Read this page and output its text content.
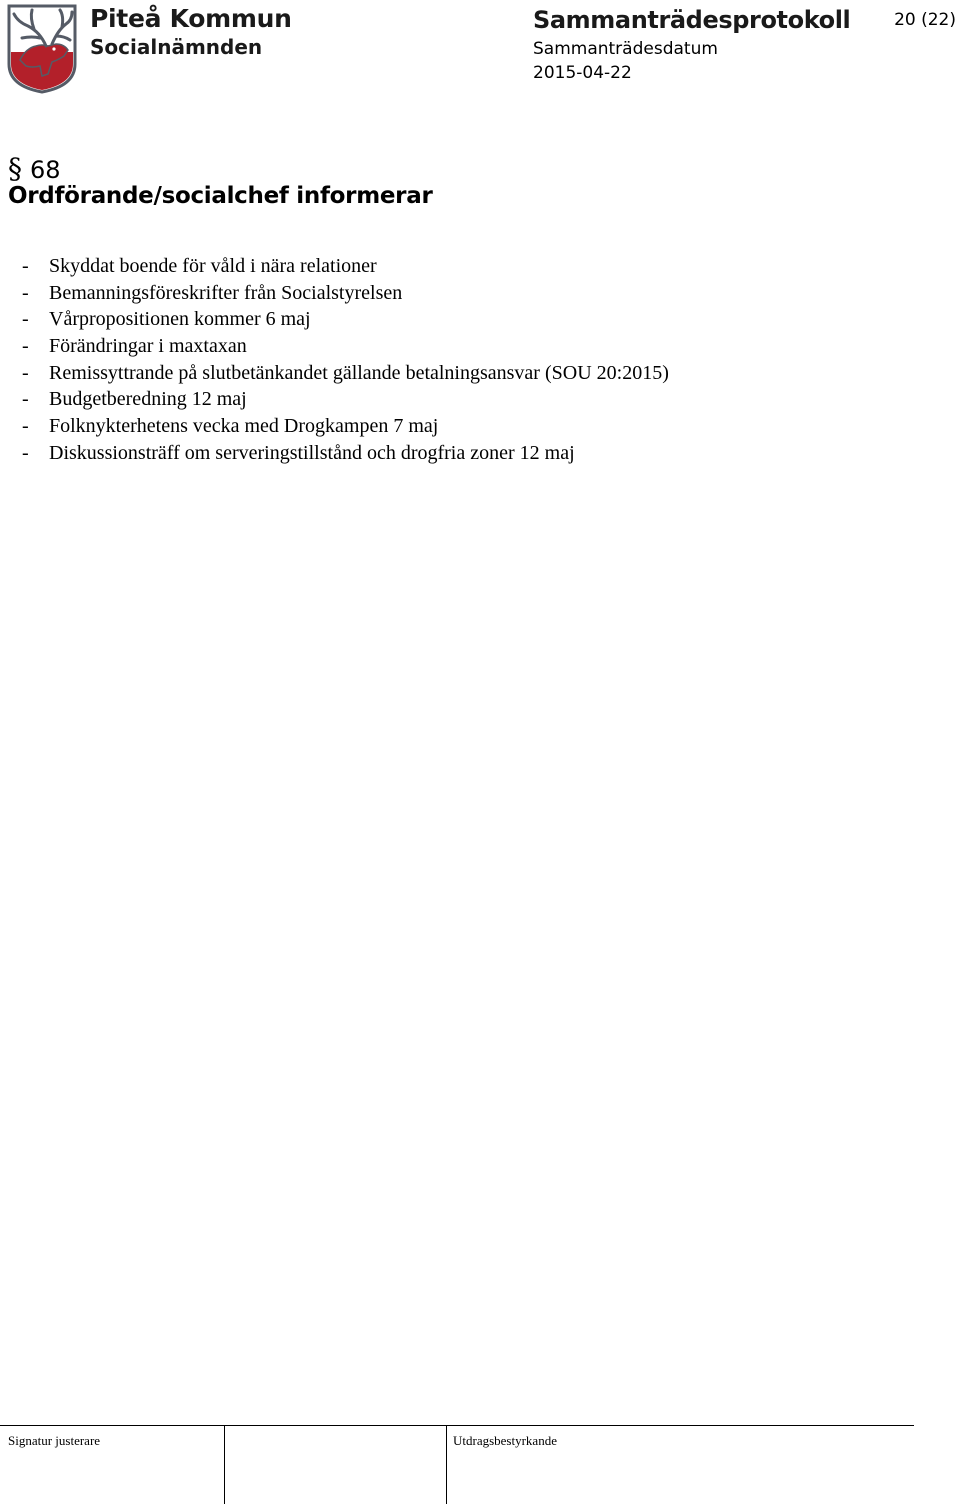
Piteå Kommun
Socialnämnden
Sammanträdesprotokoll	20 (22)
Sammanträdesdatum
2015-04-22
§ 68
Ordförande/socialchef informerar
- Skyddat boende för våld i nära relationer
- Bemanningsföreskrifter från Socialstyrelsen
- Vårpropositionen kommer 6 maj
- Förändringar i maxtaxan
- Remissyttrande på slutbetänkandet gällande betalningsansvar (SOU 20:2015)
- Budgetberedning 12 maj
- Folknykterhetens vecka med Drogkampen 7 maj
- Diskussionsträff om serveringstillstånd och drogfria zoner 12 maj
Signatur justerare	Utdragsbestyrkande
